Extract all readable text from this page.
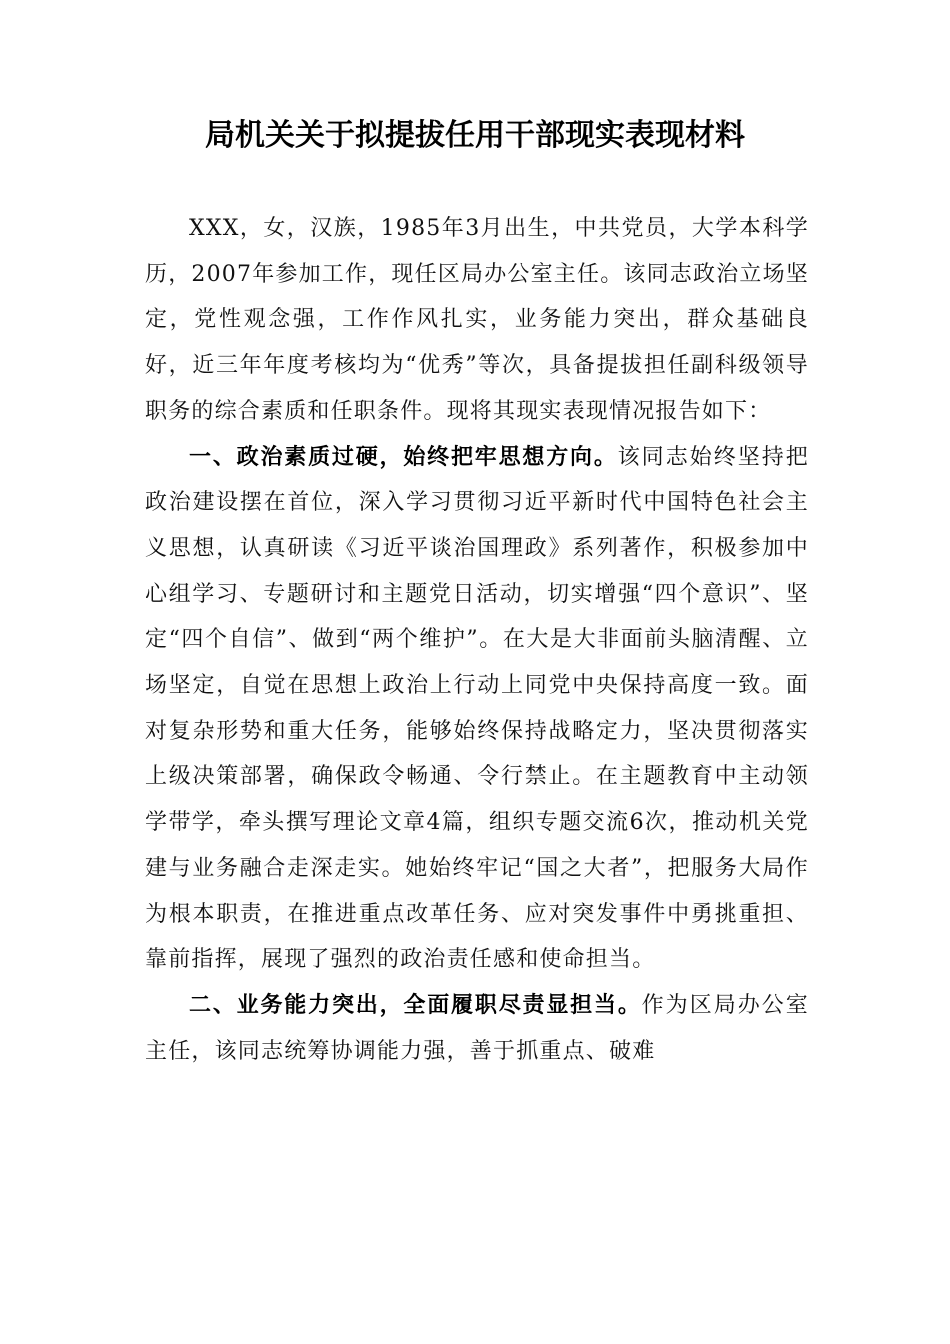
局机关关于拟提拔任用干部现实表现材料

XXX，女，汉族，1985年3月出生，中共党员，大学本科学历，2007年参加工作，现任区局办公室主任。该同志政治立场坚定，党性观念强，工作作风扎实，业务能力突出，群众基础良好，近三年年度考核均为“优秀”等次，具备提拔担任副科级领导职务的综合素质和任职条件。现将其现实表现情况报告如下：

一、政治素质过硬，始终把牢思想方向。该同志始终坚持把政治建设摆在首位，深入学习贯彻习近平新时代中国特色社会主义思想，认真研读《习近平谈治国理政》系列著作，积极参加中心组学习、专题研讨和主题党日活动，切实增强“四个意识”、坚定“四个自信”、做到“两个维护”。在大是大非面前头脑清醒、立场坚定，自觉在思想上政治上行动上同党中央保持高度一致。面对复杂形势和重大任务，能够始终保持战略定力，坚决贯彻落实上级决策部署，确保政令畅通、令行禁止。在主题教育中主动领学带学，牵头撰写理论文章4篇，组织专题交流6次，推动机关党建与业务融合走深走实。她始终牢记“国之大者”，把服务大局作为根本职责，在推进重点改革任务、应对突发事件中勇挑重担、靠前指挥，展现了强烈的政治责任感和使命担当。

二、业务能力突出，全面履职尽责显担当。作为区局办公室主任，该同志统筹协调能力强，善于抓重点、破难
